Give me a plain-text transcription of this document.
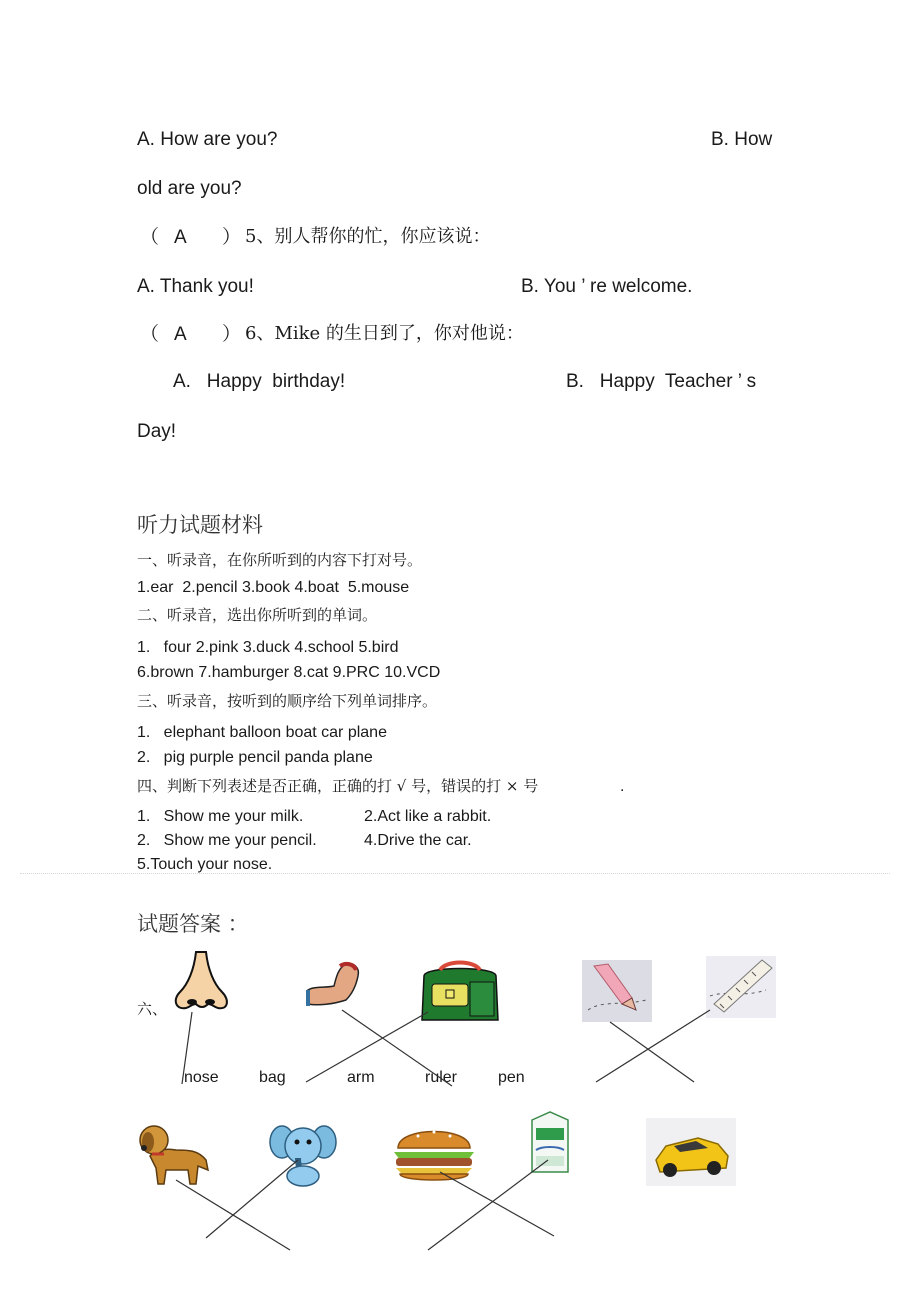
A. How are you?	B. How
old are you?
（ A ） 5、别人帮你的忙，你应该说：
A. Thank you!	B. You ’ re welcome.
（ A ） 6、Mike 的生日到了，你对他说：
A.   Happy  birthday!	B.   Happy  Teacher ’ s
Day!
听力试题材料
一、听录音，在你所听到的内容下打对号。
1.ear  2.pencil 3.book 4.boat  5.mouse
二、听录音，选出你所听到的单词。
1.   four 2.pink 3.duck 4.school 5.bird
6.brown 7.hamburger 8.cat 9.PRC 10.VCD
三、听录音，按听到的顺序给下列单词排序。
1.   elephant balloon boat car plane
2.   pig purple pencil panda plane
四、判断下列表述是否正确，正确的打 √ 号，错误的打 × 号	.
1.   Show me your milk.	2.Act like a rabbit.
2.   Show me your pencil.	4.Drive the car.
5.Touch your nose.
试题答案 ：
六、
nose	bag	arm	ruler	pen
